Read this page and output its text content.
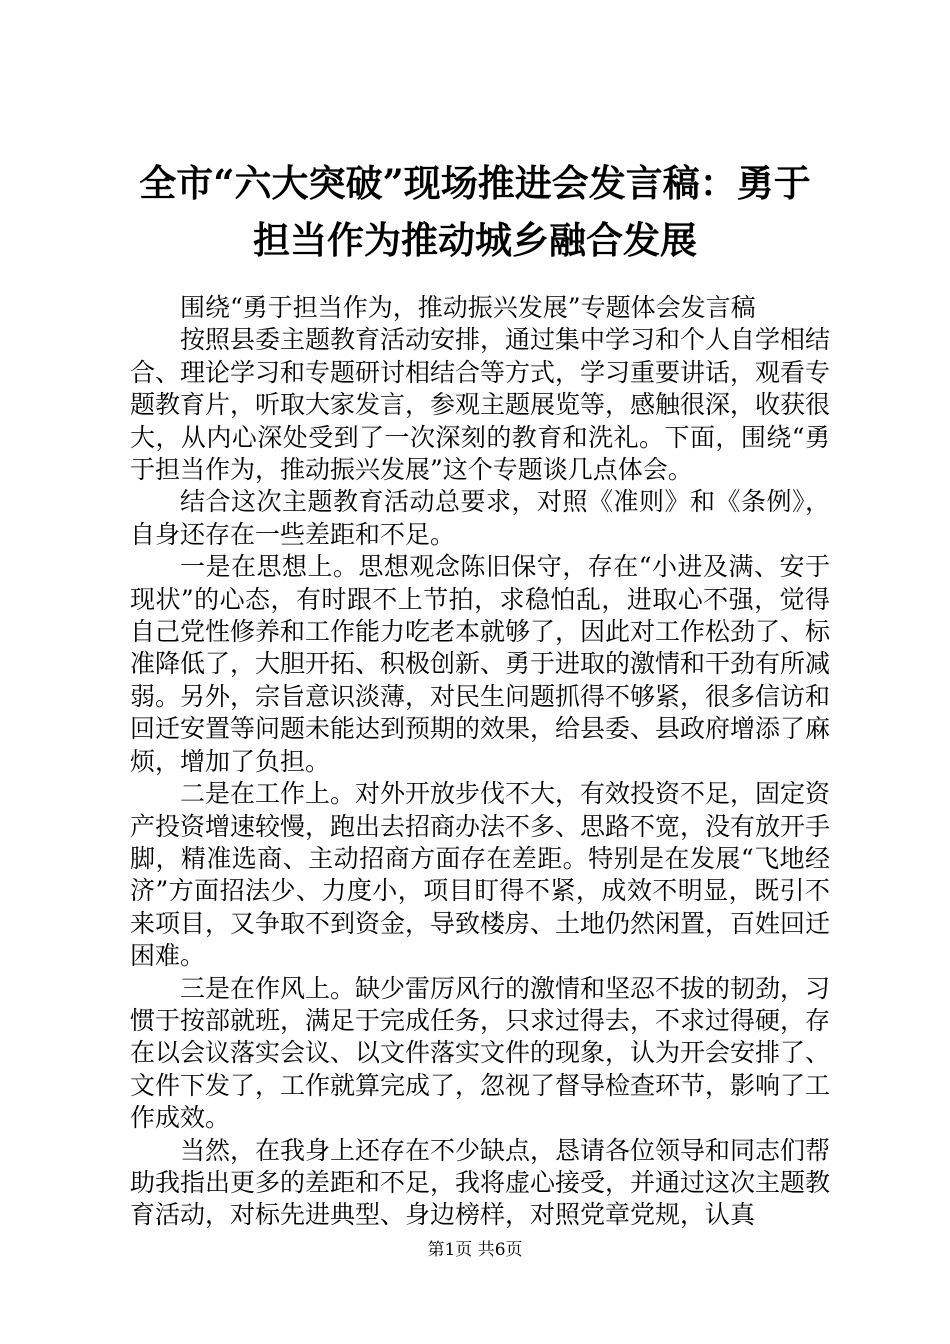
全市“六大突破”现场推进会发言稿：勇于担当作为推动城乡融合发展

围绕“勇于担当作为，推动振兴发展”专题体会发言稿

按照县委主题教育活动安排，通过集中学习和个人自学相结合、理论学习和专题研讨相结合等方式，学习重要讲话，观看专题教育片，听取大家发言，参观主题展览等，感触很深，收获很大，从内心深处受到了一次深刻的教育和洗礼。下面，围绕“勇于担当作为，推动振兴发展”这个专题谈几点体会。

结合这次主题教育活动总要求，对照《准则》和《条例》，自身还存在一些差距和不足。

一是在思想上。思想观念陈旧保守，存在“小进及满、安于现状”的心态，有时跟不上节拍，求稳怕乱，进取心不强，觉得自己党性修养和工作能力吃老本就够了，因此对工作松劲了、标准降低了，大胆开拓、积极创新、勇于进取的激情和干劲有所减弱。另外，宗旨意识淡薄，对民生问题抓得不够紧，很多信访和回迁安置等问题未能达到预期的效果，给县委、县政府增添了麻烦，增加了负担。

二是在工作上。对外开放步伐不大，有效投资不足，固定资产投资增速较慢，跑出去招商办法不多、思路不宽，没有放开手脚，精准选商、主动招商方面存在差距。特别是在发展“飞地经济”方面招法少、力度小，项目盯得不紧，成效不明显，既引不来项目，又争取不到资金，导致楼房、土地仍然闲置，百姓回迁困难。

三是在作风上。缺少雷厉风行的激情和坚忍不拔的韧劲，习惯于按部就班，满足于完成任务，只求过得去，不求过得硬，存在以会议落实会议、以文件落实文件的现象，认为开会安排了、文件下发了，工作就算完成了，忽视了督导检查环节，影响了工作成效。

当然，在我身上还存在不少缺点，恳请各位领导和同志们帮助我指出更多的差距和不足，我将虚心接受，并通过这次主题教育活动，对标先进典型、身边榜样，对照党章党规，认真

第1页 共6页
